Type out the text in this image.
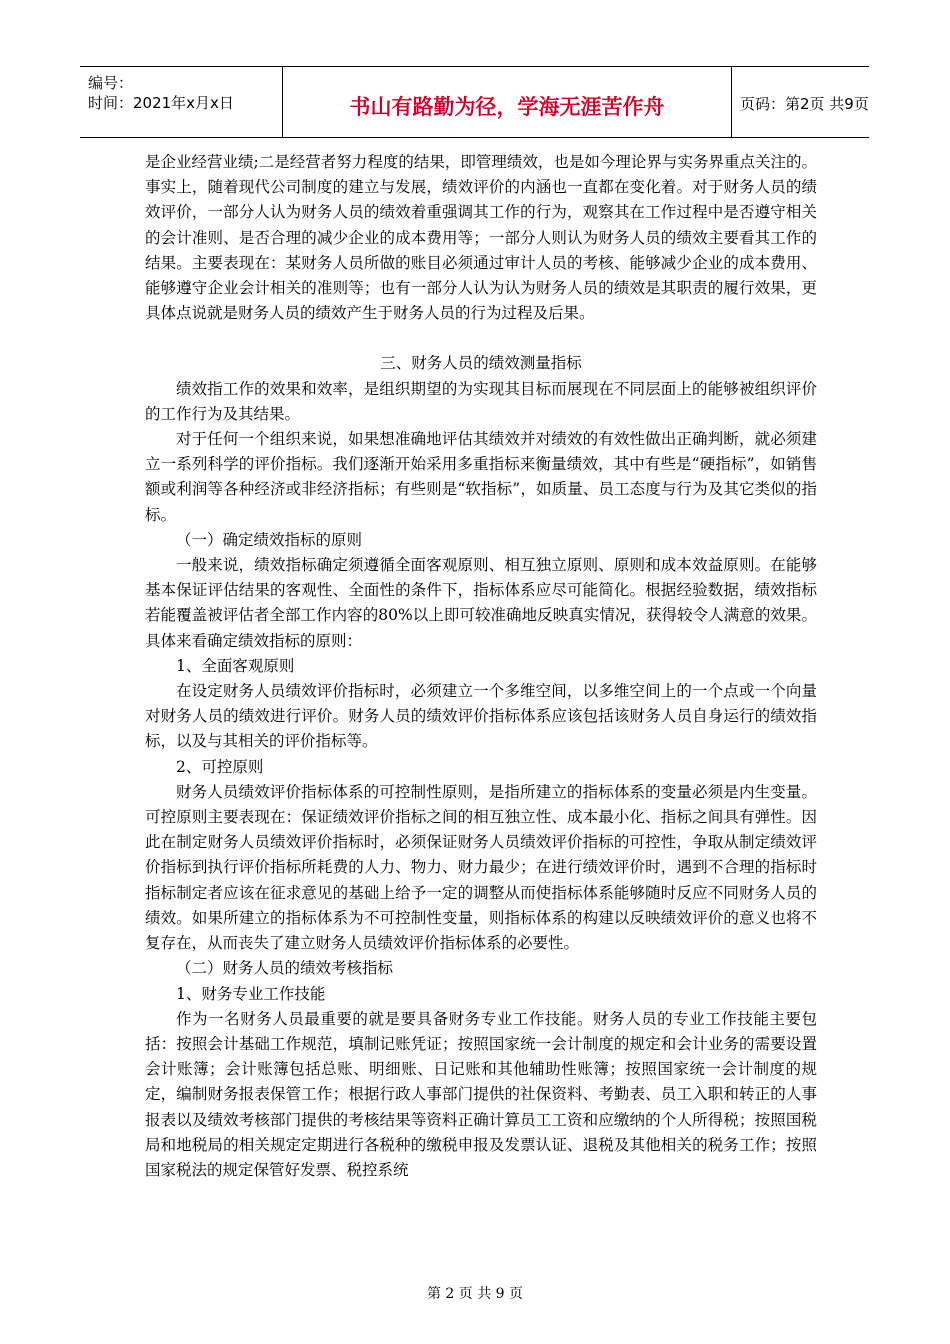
编号：
时间：2021年x月x日	书山有路勤为径，学海无涯苦作舟	页码：第2页 共9页

是企业经营业绩;二是经营者努力程度的结果，即管理绩效，也是如今理论界与实务界重点关注的。事实上，随着现代公司制度的建立与发展，绩效评价的内涵也一直都在变化着。对于财务人员的绩效评价，一部分人认为财务人员的绩效着重强调其工作的行为，观察其在工作过程中是否遵守相关的会计准则、是否合理的减少企业的成本费用等；一部分人则认为财务人员的绩效主要看其工作的结果。主要表现在：某财务人员所做的账目必须通过审计人员的考核、能够减少企业的成本费用、能够遵守企业会计相关的准则等；也有一部分人认为认为财务人员的绩效是其职责的履行效果，更具体点说就是财务人员的绩效产生于财务人员的行为过程及后果。

三、财务人员的绩效测量指标

绩效指工作的效果和效率，是组织期望的为实现其目标而展现在不同层面上的能够被组织评价的工作行为及其结果。

对于任何一个组织来说，如果想准确地评估其绩效并对绩效的有效性做出正确判断，就必须建立一系列科学的评价指标。我们逐渐开始采用多重指标来衡量绩效，其中有些是“硬指标”，如销售额或利润等各种经济或非经济指标；有些则是“软指标”，如质量、员工态度与行为及其它类似的指标。

（一）确定绩效指标的原则

一般来说，绩效指标确定须遵循全面客观原则、相互独立原则、原则和成本效益原则。在能够基本保证评估结果的客观性、全面性的条件下，指标体系应尽可能简化。根据经验数据，绩效指标若能覆盖被评估者全部工作内容的80%以上即可较准确地反映真实情况，获得较令人满意的效果。具体来看确定绩效指标的原则：

1、全面客观原则

在设定财务人员绩效评价指标时，必须建立一个多维空间，以多维空间上的一个点或一个向量对财务人员的绩效进行评价。财务人员的绩效评价指标体系应该包括该财务人员自身运行的绩效指标，以及与其相关的评价指标等。

2、可控原则

财务人员绩效评价指标体系的可控制性原则，是指所建立的指标体系的变量必须是内生变量。可控原则主要表现在：保证绩效评价指标之间的相互独立性、成本最小化、指标之间具有弹性。因此在制定财务人员绩效评价指标时，必须保证财务人员绩效评价指标的可控性，争取从制定绩效评价指标到执行评价指标所耗费的人力、物力、财力最少；在进行绩效评价时，遇到不合理的指标时指标制定者应该在征求意见的基础上给予一定的调整从而使指标体系能够随时反应不同财务人员的绩效。如果所建立的指标体系为不可控制性变量，则指标体系的构建以反映绩效评价的意义也将不复存在，从而丧失了建立财务人员绩效评价指标体系的必要性。

（二）财务人员的绩效考核指标

1、财务专业工作技能

作为一名财务人员最重要的就是要具备财务专业工作技能。财务人员的专业工作技能主要包括：按照会计基础工作规范，填制记账凭证；按照国家统一会计制度的规定和会计业务的需要设置会计账簿；会计账簿包括总账、明细账、日记账和其他辅助性账簿；按照国家统一会计制度的规定，编制财务报表保管工作；根据行政人事部门提供的社保资料、考勤表、员工入职和转正的人事报表以及绩效考核部门提供的考核结果等资料正确计算员工工资和应缴纳的个人所得税；按照国税局和地税局的相关规定定期进行各税种的缴税申报及发票认证、退税及其他相关的税务工作；按照国家税法的规定保管好发票、税控系统

第 2 页 共 9 页
